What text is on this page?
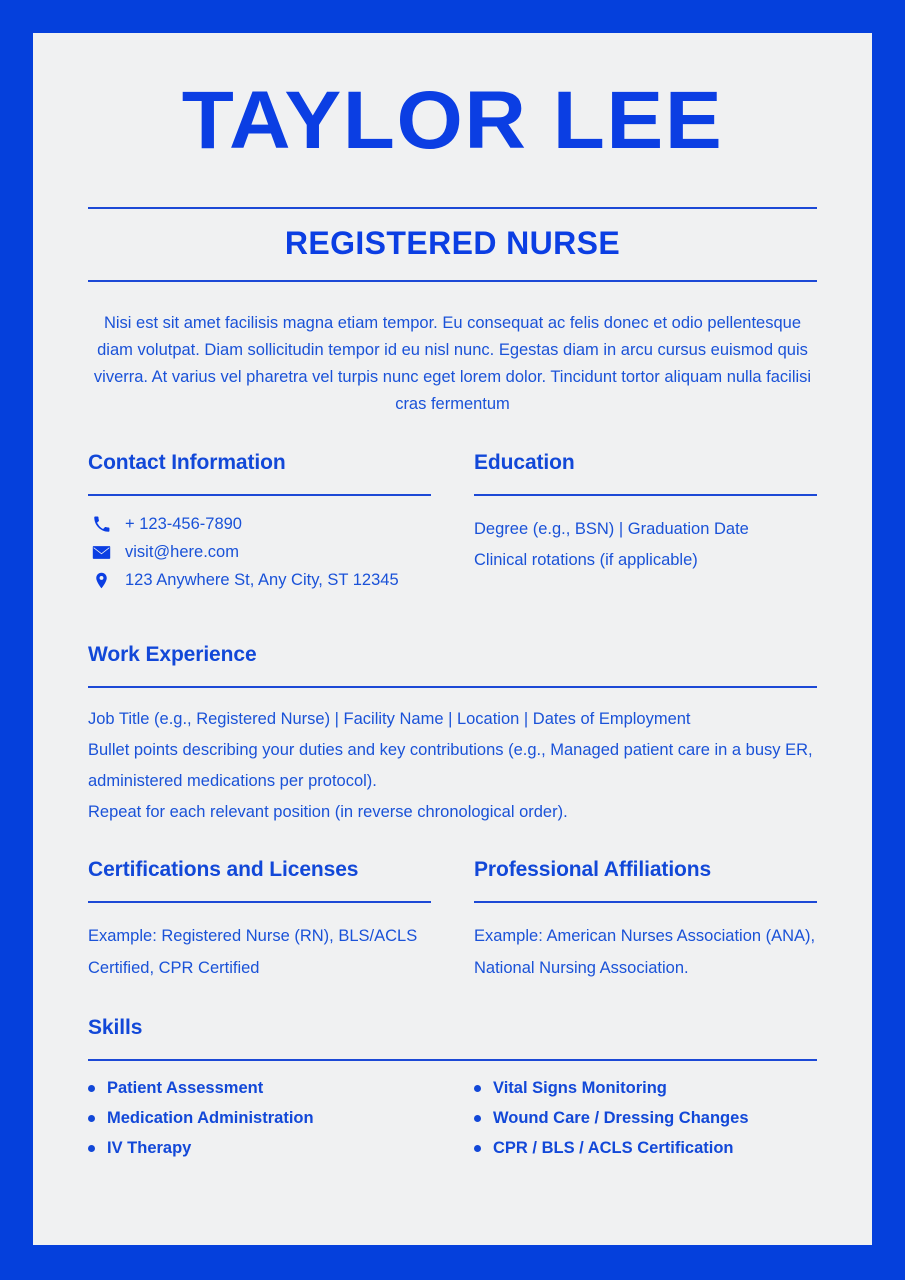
TAYLOR LEE
REGISTERED NURSE

Nisi est sit amet facilisis magna etiam tempor. Eu consequat ac felis donec et odio pellentesque diam volutpat. Diam sollicitudin tempor id eu nisl nunc. Egestas diam in arcu cursus euismod quis viverra. At varius vel pharetra vel turpis nunc eget lorem dolor. Tincidunt tortor aliquam nulla facilisi cras fermentum

Contact Information
+ 123-456-7890
visit@here.com
123 Anywhere St, Any City, ST 12345
Education
Degree (e.g., BSN) | Graduation Date
Clinical rotations (if applicable)
Work Experience
Job Title (e.g., Registered Nurse) | Facility Name | Location | Dates of Employment
Bullet points describing your duties and key contributions (e.g., Managed patient care in a busy ER, administered medications per protocol).
Repeat for each relevant position (in reverse chronological order).
Certifications and Licenses
Example: Registered Nurse (RN), BLS/ACLS Certified, CPR Certified
Professional Affiliations
Example: American Nurses Association (ANA), National Nursing Association.
Skills
Patient Assessment
Medication Administration
IV Therapy
Vital Signs Monitoring
Wound Care / Dressing Changes
CPR / BLS / ACLS Certification
